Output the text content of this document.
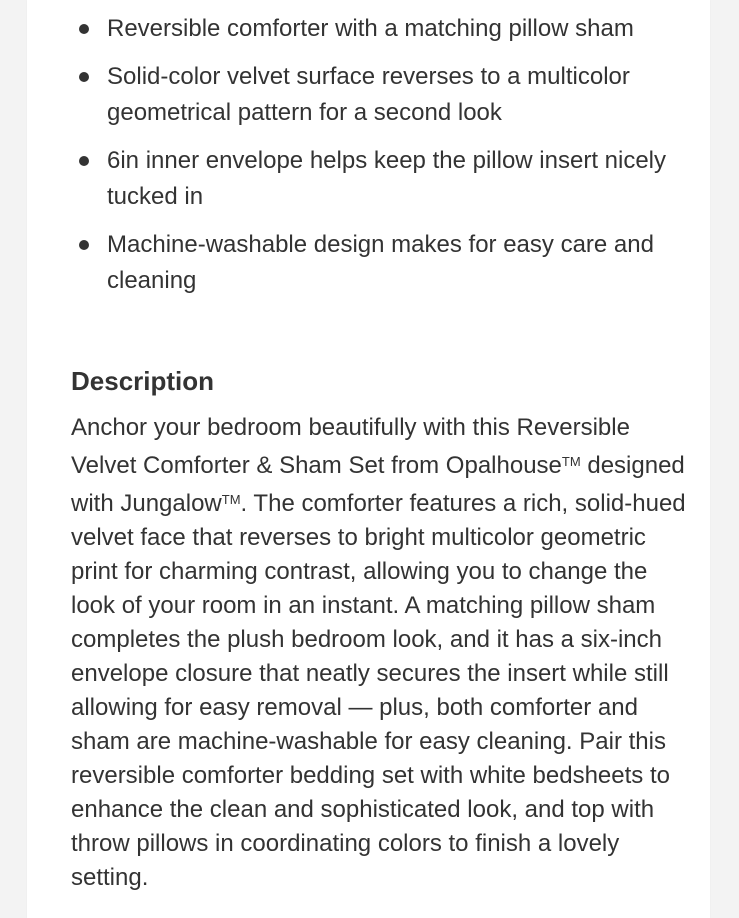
Reversible comforter with a matching pillow sham
Solid-color velvet surface reverses to a multicolor geometrical pattern for a second look
6in inner envelope helps keep the pillow insert nicely tucked in
Machine-washable design makes for easy care and cleaning
Description

Anchor your bedroom beautifully with this Reversible Velvet Comforter & Sham Set from Opalhouse™ designed with Jungalow™. The comforter features a rich, solid-hued velvet face that reverses to bright multicolor geometric print for charming contrast, allowing you to change the look of your room in an instant. A matching pillow sham completes the plush bedroom look, and it has a six-inch envelope closure that neatly secures the insert while still allowing for easy removal — plus, both comforter and sham are machine-washable for easy cleaning. Pair this reversible comforter bedding set with white bedsheets to enhance the clean and sophisticated look, and top with throw pillows in coordinating colors to finish a lovely setting.
